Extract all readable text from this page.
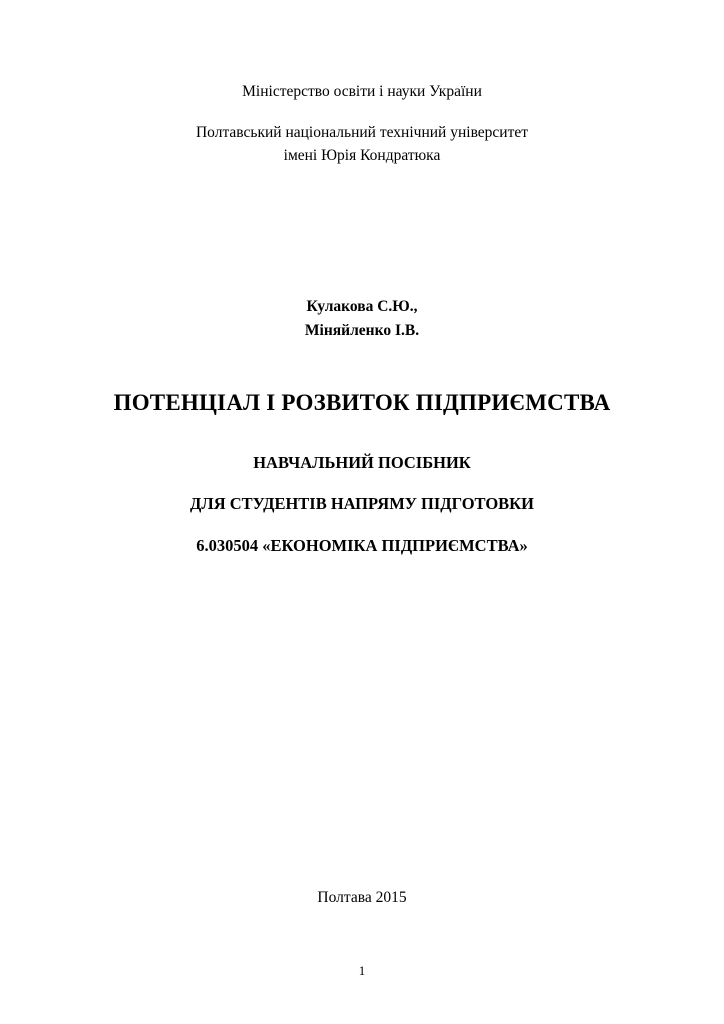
Міністерство освіти і науки України
Полтавський національний технічний університет
імені Юрія Кондратюка
Кулакова С.Ю.,
Міняйленко І.В.
ПОТЕНЦІАЛ І РОЗВИТОК ПІДПРИЄМСТВА
НАВЧАЛЬНИЙ ПОСІБНИК
ДЛЯ СТУДЕНТІВ НАПРЯМУ ПІДГОТОВКИ
6.030504 «ЕКОНОМІКА ПІДПРИЄМСТВА»
Полтава 2015
1
